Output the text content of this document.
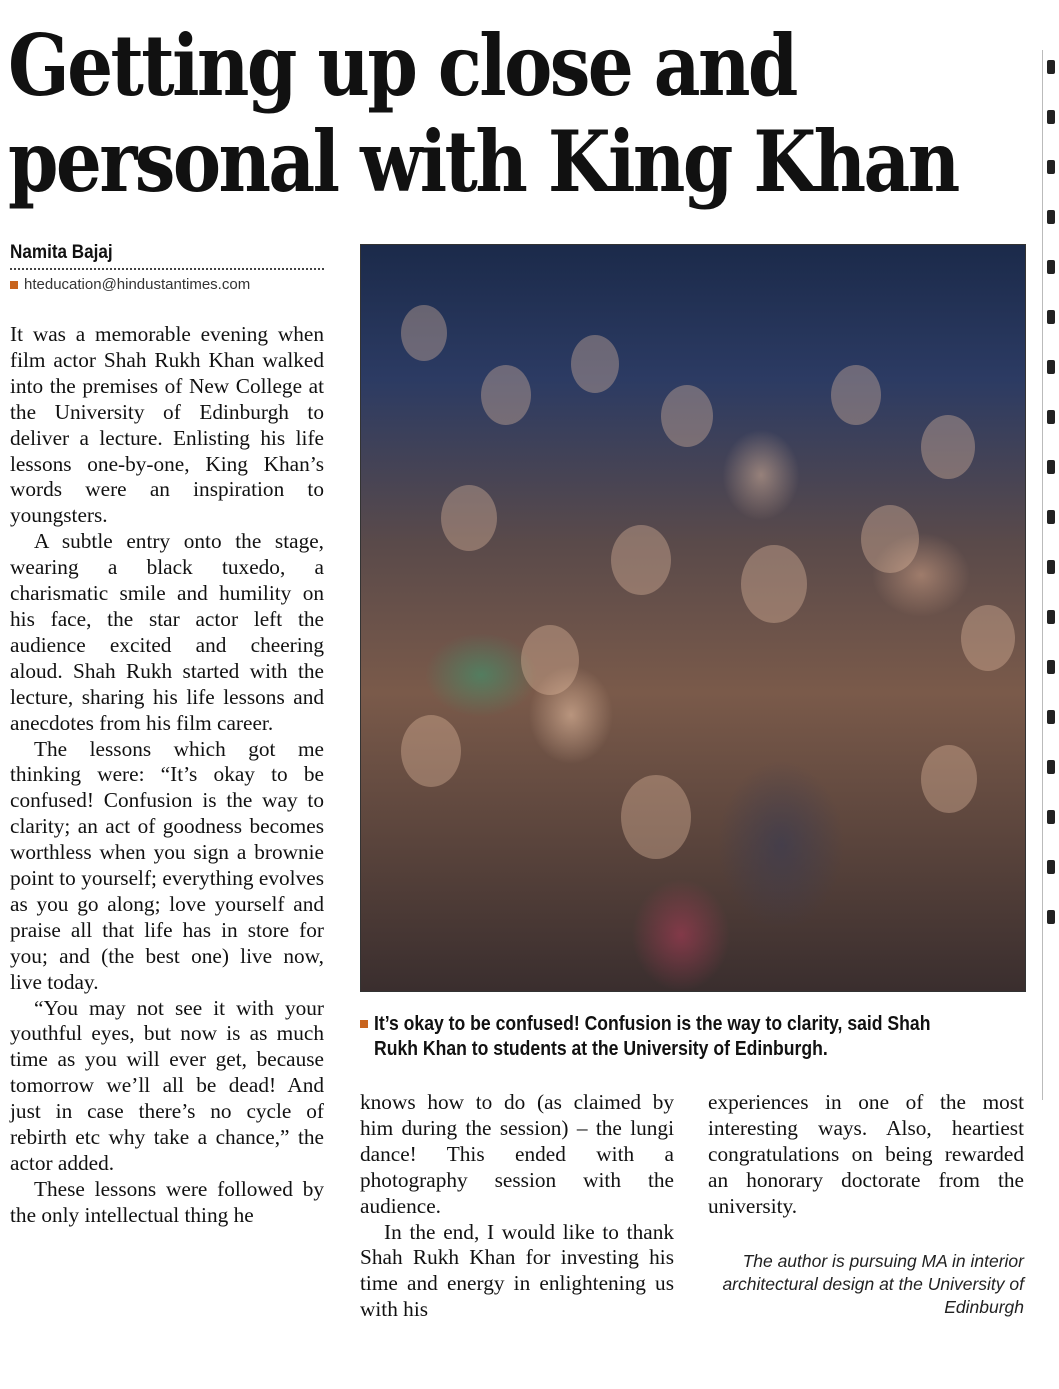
Getting up close and
personal with King Khan
Namita Bajaj
hteducation@hindustantimes.com

It was a memorable evening when film actor Shah Rukh Khan walked into the premises of New College at the University of Edinburgh to deliver a lecture. Enlisting his life lessons one-by-one, King Khan’s words were an inspiration to youngsters.

A subtle entry onto the stage, wearing a black tuxedo, a charismatic smile and humility on his face, the star actor left the audience excited and cheering aloud. Shah Rukh started with the lecture, sharing his life lessons and anecdotes from his film career.

The lessons which got me thinking were: “It’s okay to be confused! Confusion is the way to clarity; an act of goodness becomes worthless when you sign a brownie point to yourself; everything evolves as you go along; love yourself and praise all that life has in store for you; and (the best one) live now, live today.

“You may not see it with your youthful eyes, but now is as much time as you will ever get, because tomorrow we’ll all be dead! And just in case there’s no cycle of rebirth etc why take a chance,” the actor added.

These lessons were followed by the only intellectual thing he

It’s okay to be confused! Confusion is the way to clarity, said Shah Rukh Khan to students at the University of Edinburgh.

knows how to do (as claimed by him during the session) – the lungi dance! This ended with a photography session with the audience.

In the end, I would like to thank Shah Rukh Khan for investing his time and energy in enlightening us with his

experiences in one of the most interesting ways. Also, heartiest congratulations on being rewarded an honorary doctorate from the university.

The author is pursuing MA in interior architectural design at the University of Edinburgh
